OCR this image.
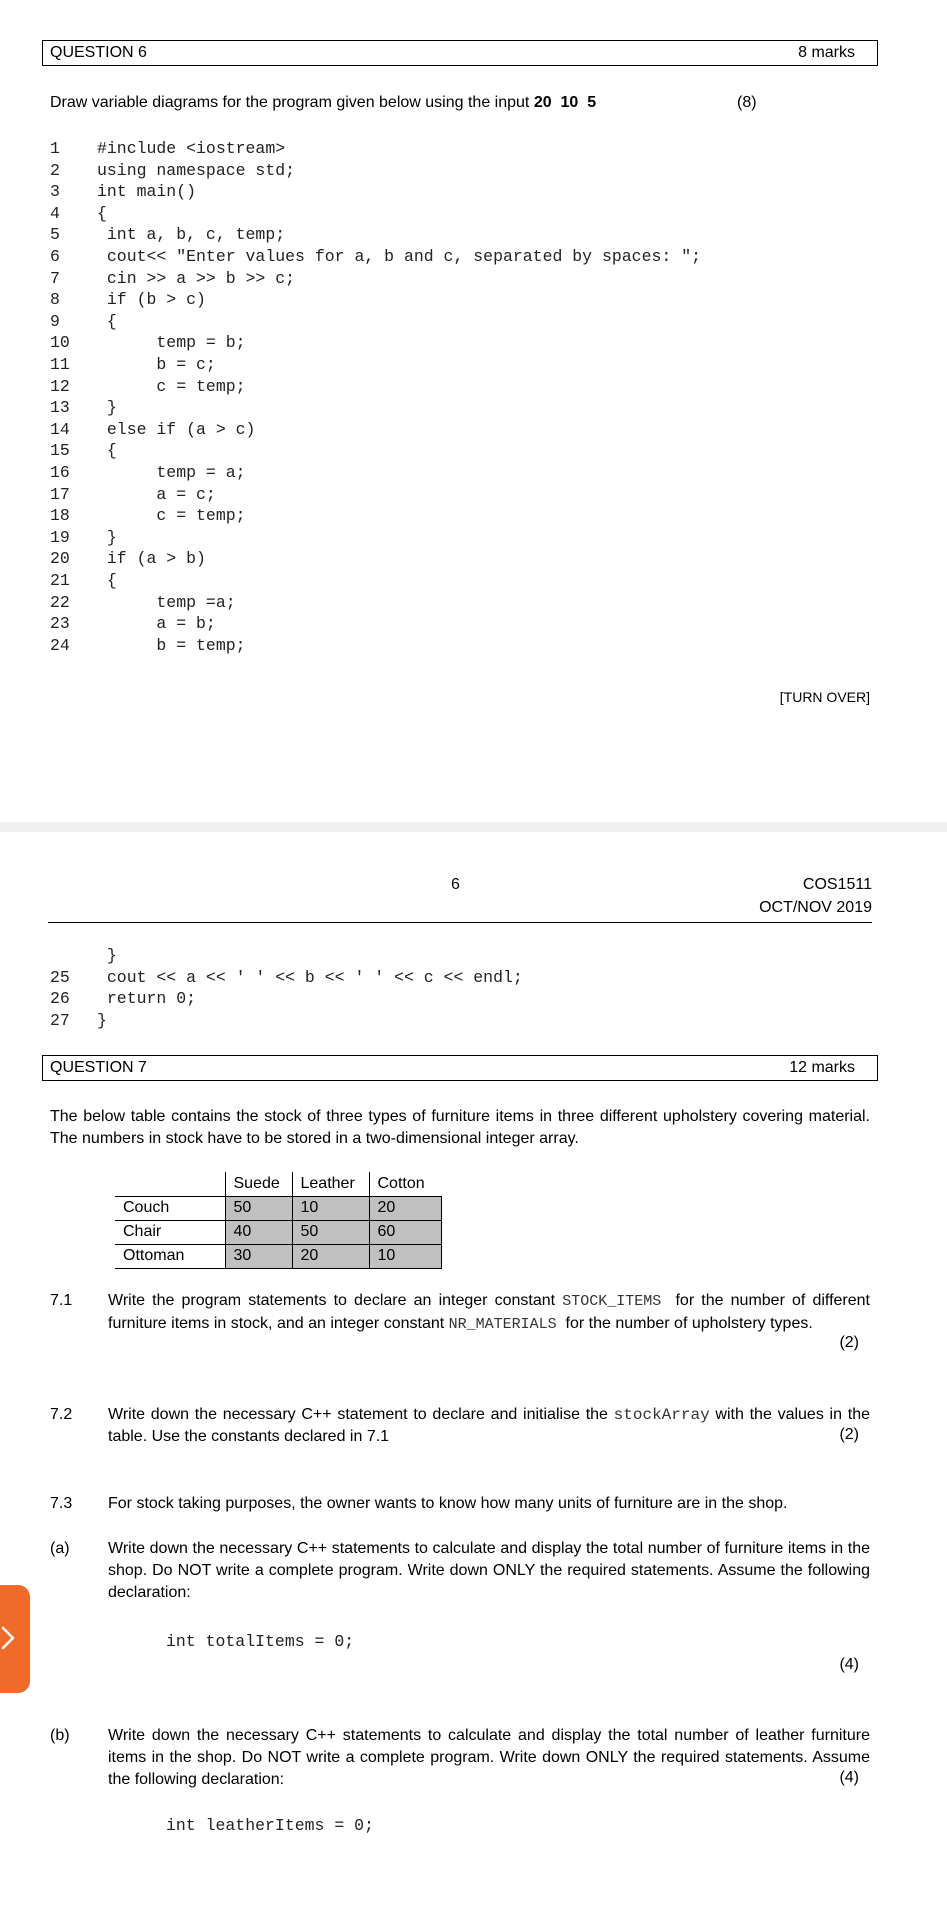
QUESTION 6	8 marks
Draw variable diagrams for the program given below using the input 20  10  5	(8)
1	#include <iostream>
2	using namespace std;
3	int main()
4	{
5	int a, b, c, temp;
6	cout<< "Enter values for a, b and c, separated by spaces: ";
7	cin >> a >> b >> c;
8	if (b > c)
9	{
10	temp = b;
11	b = c;
12	c = temp;
13	}
14	else if (a > c)
15	{
16	temp = a;
17	a = c;
18	c = temp;
19	}
20	if (a > b)
21	{
22	temp =a;
23	a = b;
24	b = temp;
[TURN OVER]
6	COS1511
OCT/NOV 2019
}
25	cout << a << ' ' << b << ' ' << c << endl;
26	return 0;
27	}
QUESTION 7	12 marks
The below table contains the stock of three types of furniture items in three different upholstery covering material. The numbers in stock have to be stored in a two-dimensional integer array.
	Suede	Leather	Cotton
Couch	50	10	20
Chair	40	50	60
Ottoman	30	20	10
7.1 Write the program statements to declare an integer constant STOCK_ITEMS  for the number of different furniture items in stock, and an integer constant NR_MATERIALS  for the number of upholstery types.
(2)
7.2 Write down the necessary C++ statement to declare and initialise the stockArray with the values in the table. Use the constants declared in 7.1	(2)
7.3 For stock taking purposes, the owner wants to know how many units of furniture are in the shop.
(a) Write down the necessary C++ statements to calculate and display the total number of furniture items in the shop. Do NOT write a complete program. Write down ONLY the required statements. Assume the following declaration:
int totalItems = 0;
(4)
(b) Write down the necessary C++ statements to calculate and display the total number of leather furniture items in the shop. Do NOT write a complete program. Write down ONLY the required statements. Assume the following declaration:	(4)
int leatherItems = 0;
